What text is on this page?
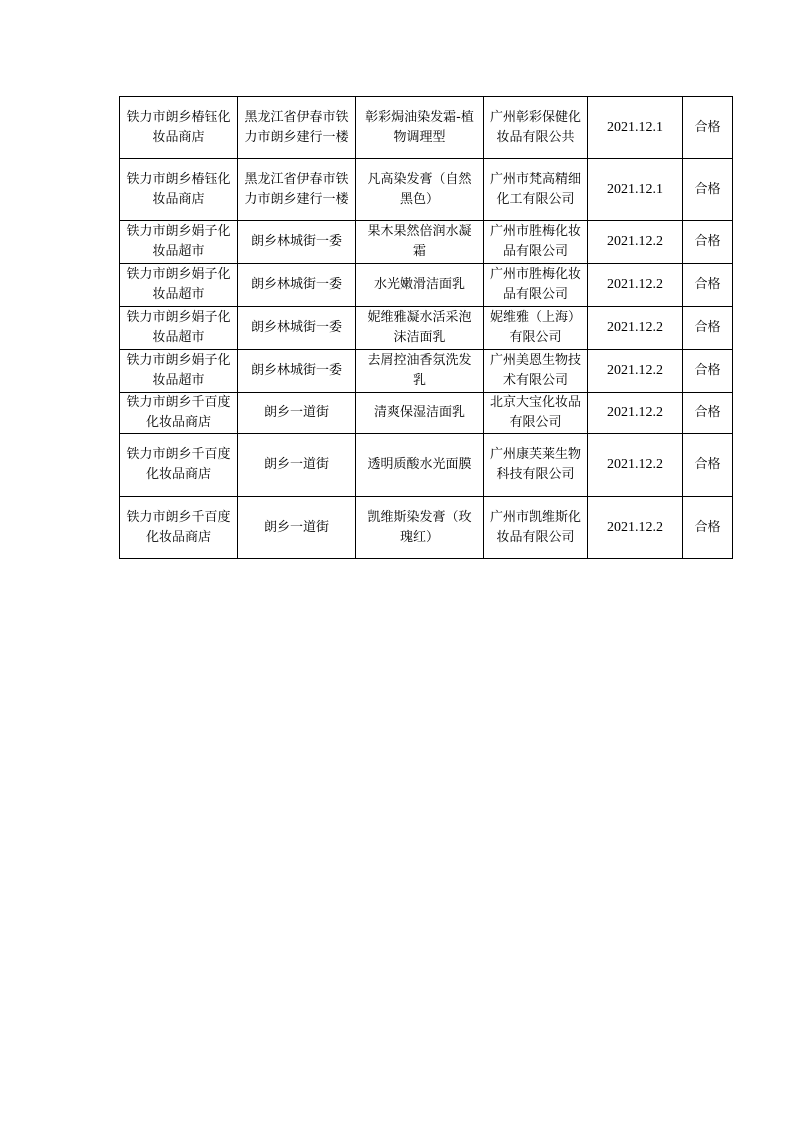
铁力市朗乡椿钰化妆品商店	黑龙江省伊春市铁力市朗乡建行一楼	彰彩焗油染发霜-植物调理型	广州彰彩保健化妆品有限公共	2021.12.1	合格
铁力市朗乡椿钰化妆品商店	黑龙江省伊春市铁力市朗乡建行一楼	凡高染发膏（自然黑色）	广州市梵高精细化工有限公司	2021.12.1	合格
铁力市朗乡娟子化妆品超市	朗乡林城街一委	果木果然倍润水凝霜	广州市胜梅化妆品有限公司	2021.12.2	合格
铁力市朗乡娟子化妆品超市	朗乡林城街一委	水光嫩滑洁面乳	广州市胜梅化妆品有限公司	2021.12.2	合格
铁力市朗乡娟子化妆品超市	朗乡林城街一委	妮维雅凝水活采泡沫洁面乳	妮维雅（上海）有限公司	2021.12.2	合格
铁力市朗乡娟子化妆品超市	朗乡林城街一委	去屑控油香氛洗发乳	广州美恩生物技术有限公司	2021.12.2	合格
铁力市朗乡千百度化妆品商店	朗乡一道街	清爽保湿洁面乳	北京大宝化妆品有限公司	2021.12.2	合格
铁力市朗乡千百度化妆品商店	朗乡一道街	透明质酸水光面膜	广州康芙莱生物科技有限公司	2021.12.2	合格
铁力市朗乡千百度化妆品商店	朗乡一道街	凯维斯染发膏（玫瑰红）	广州市凯维斯化妆品有限公司	2021.12.2	合格
